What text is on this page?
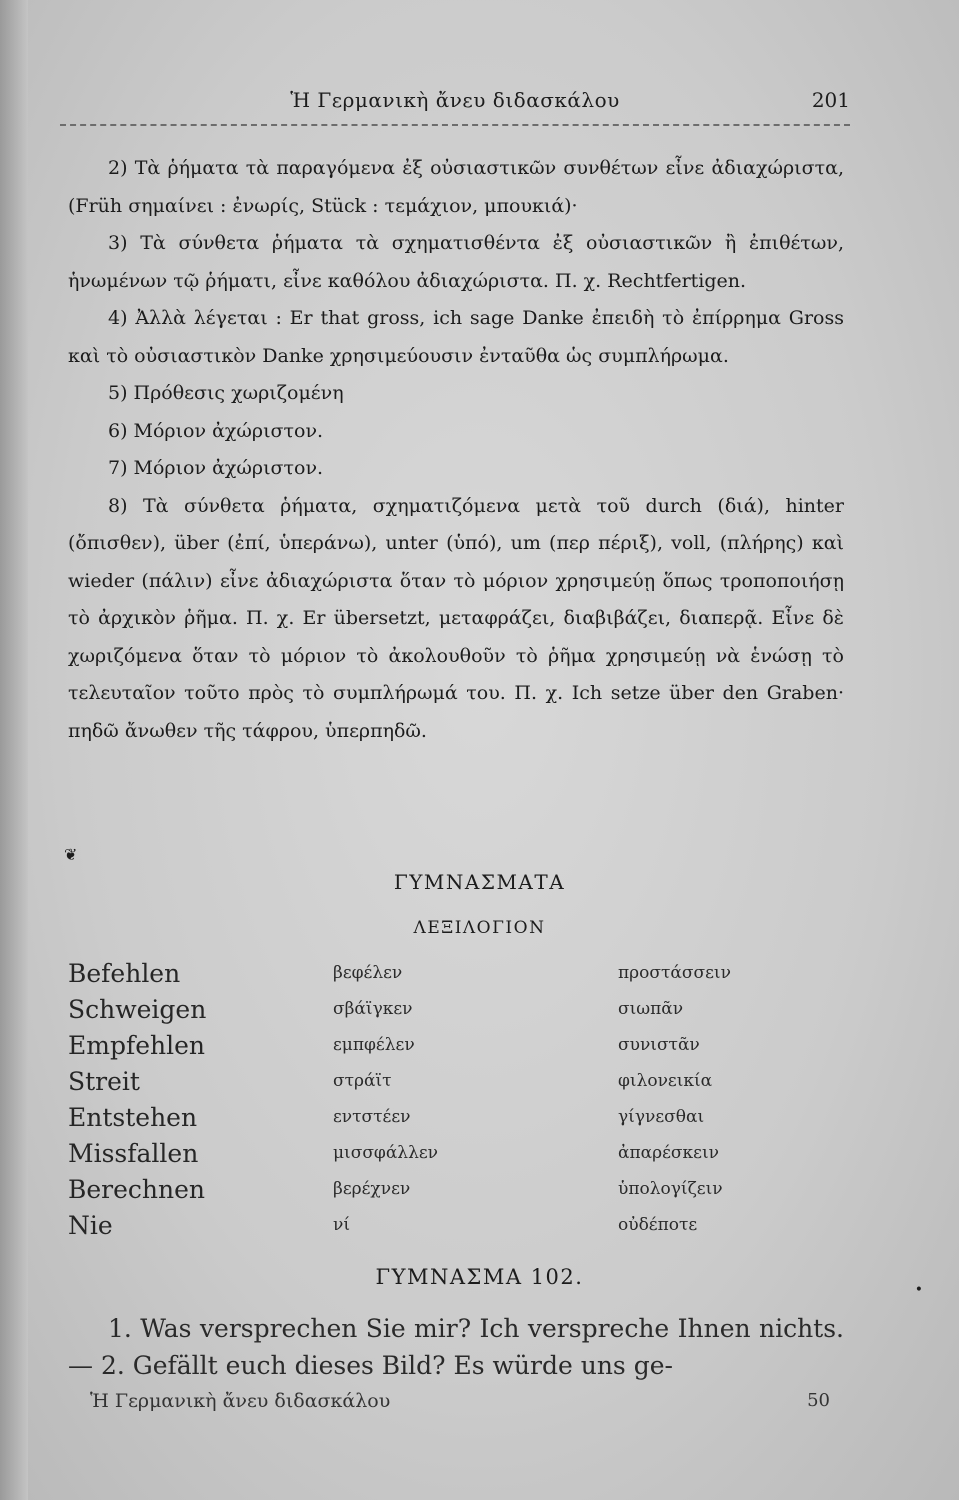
Ἡ Γερμανικὴ ἄνευ διδασκάλου	201

2) Τὰ ῥήματα τὰ παραγόμενα ἐξ οὐσιαστικῶν συνθέτων εἶνε ἀδιαχώριστα, (Früh σημαίνει : ἐνωρίς, Stück : τεμάχιον, μπουκιά)·

3) Τὰ σύνθετα ῥήματα τὰ σχηματισθέντα ἐξ οὐσιαστικῶν ἢ ἐπιθέτων, ἡνωμένων τῷ ῥήματι, εἶνε καθόλου ἀδιαχώριστα. Π. χ. Rechtfertigen.

4) Ἀλλὰ λέγεται : Er that gross, ich sage Danke ἐπειδὴ τὸ ἐπίρρημα Gross καὶ τὸ οὐσιαστικὸν Danke χρησιμεύουσιν ἐνταῦθα ὡς συμπλήρωμα.

5) Πρόθεσις χωριζομένη

6) Μόριον ἀχώριστον.

7) Μόριον ἀχώριστον.

8) Τὰ σύνθετα ῥήματα, σχηματιζόμενα μετὰ τοῦ durch (διά), hinter (ὄπισθεν), über (ἐπί, ὑπεράνω), unter (ὑπό), um (περ πέριξ), voll, (πλήρης) καὶ wieder (πάλιν) εἶνε ἀδιαχώριστα ὅταν τὸ μόριον χρησιμεύῃ ὅπως τροποποιήσῃ τὸ ἀρχικὸν ῥῆμα. Π. χ. Er übersetzt, μεταφράζει, διαβιβάζει, διαπερᾷ. Εἶνε δὲ χωριζόμενα ὅταν τὸ μόριον τὸ ἀκολουθοῦν τὸ ῥῆμα χρησιμεύῃ νὰ ἑνώσῃ τὸ τελευταῖον τοῦτο πρὸς τὸ συμπλήρωμά του. Π. χ. Ich setze über den Graben· πηδῶ ἄνωθεν τῆς τάφρου, ὑπερπηδῶ.

❦
ΓΥΜΝΑΣΜΑΤΑ
ΛΕΞΙΛΟΓΙΟΝ
Befehlen	βεφέλεν	προστάσσειν
Schweigen	σβάϊγκεν	σιωπᾶν
Empfehlen	εμπφέλεν	συνιστᾶν
Streit	στράϊτ	φιλονεικία
Entstehen	εντστέεν	γίγνεσθαι
Missfallen	μισσφάλλεν	ἀπαρέσκειν
Berechnen	βερέχνεν	ὑπολογίζειν
Nie	νί	οὐδέποτε
•
ΓΥΜΝΑΣΜΑ 102.

1. Was versprechen Sie mir? Ich verspreche Ihnen nichts. — 2. Gefällt euch dieses Bild? Es würde uns ge-

Ἡ Γερμανικὴ ἄνευ διδασκάλου	50
